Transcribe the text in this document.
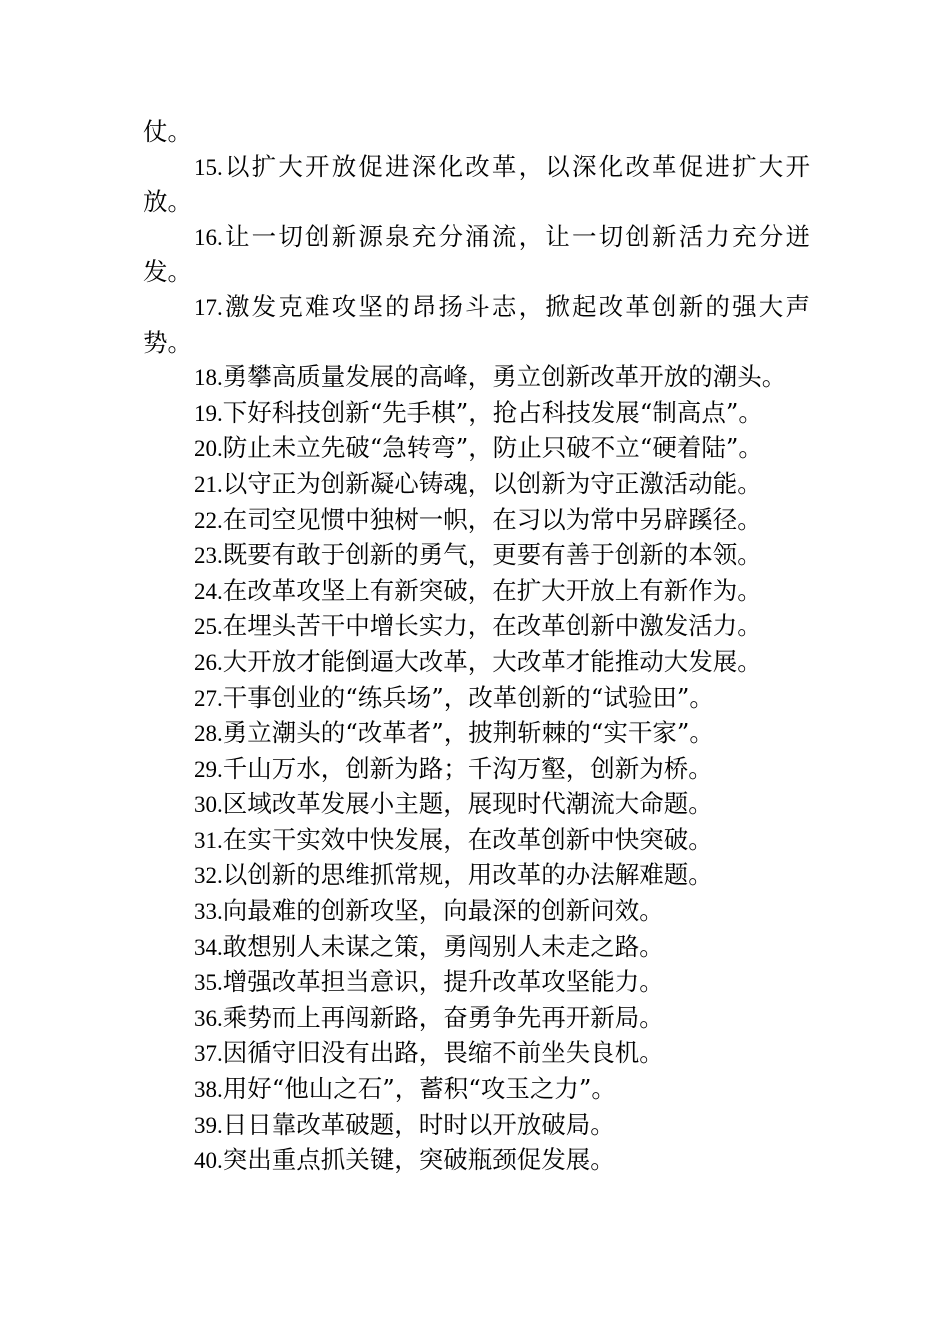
仗。

15.以扩大开放促进深化改革，以深化改革促进扩大开放。

16.让一切创新源泉充分涌流，让一切创新活力充分迸发。

17.激发克难攻坚的昂扬斗志，掀起改革创新的强大声势。

18.勇攀高质量发展的高峰，勇立创新改革开放的潮头。

19.下好科技创新“先手棋”，抢占科技发展“制高点”。

20.防止未立先破“急转弯”，防止只破不立“硬着陆”。

21.以守正为创新凝心铸魂，以创新为守正激活动能。

22.在司空见惯中独树一帜，在习以为常中另辟蹊径。

23.既要有敢于创新的勇气，更要有善于创新的本领。

24.在改革攻坚上有新突破，在扩大开放上有新作为。

25.在埋头苦干中增长实力，在改革创新中激发活力。

26.大开放才能倒逼大改革，大改革才能推动大发展。

27.干事创业的“练兵场”，改革创新的“试验田”。

28.勇立潮头的“改革者”，披荆斩棘的“实干家”。

29.千山万水，创新为路；千沟万壑，创新为桥。

30.区域改革发展小主题，展现时代潮流大命题。

31.在实干实效中快发展，在改革创新中快突破。

32.以创新的思维抓常规，用改革的办法解难题。

33.向最难的创新攻坚，向最深的创新问效。

34.敢想别人未谋之策，勇闯别人未走之路。

35.增强改革担当意识，提升改革攻坚能力。

36.乘势而上再闯新路，奋勇争先再开新局。

37.因循守旧没有出路，畏缩不前坐失良机。

38.用好“他山之石”，蓄积“攻玉之力”。

39.日日靠改革破题，时时以开放破局。

40.突出重点抓关键，突破瓶颈促发展。
